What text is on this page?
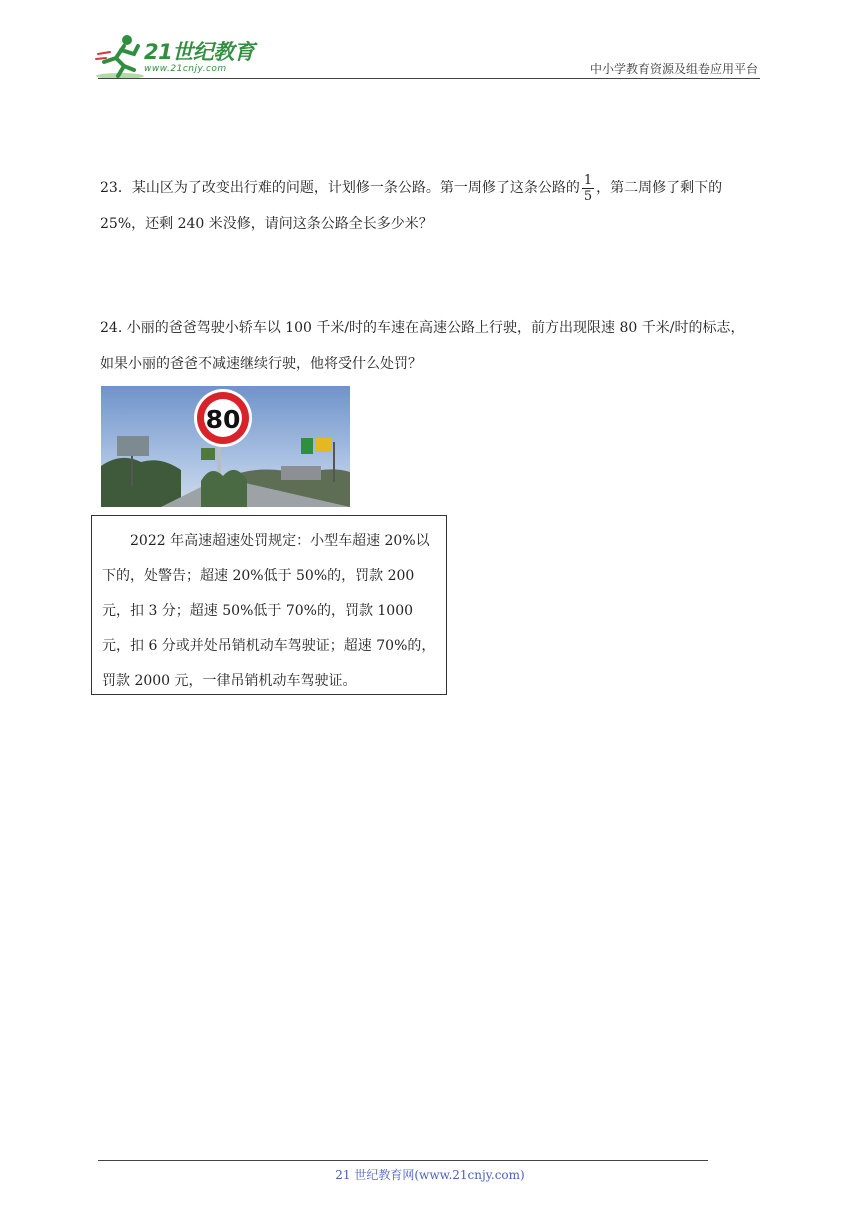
21世纪教育
www.21cnjy.com	中小学教育资源及组卷应用平台
23．某山区为了改变出行难的问题，计划修一条公路。第一周修了这条公路的 $\frac{1}{5}$ ，第二周修了剩下的
25%，还剩 240 米没修，请问这条公路全长多少米？
24. 小丽的爸爸驾驶小轿车以 100 千米/时的车速在高速公路上行驶，前方出现限速 80 千米/时的标志，
如果小丽的爸爸不减速继续行驶，他将受什么处罚？
80

2022 年高速超速处罚规定：小型车超速 20%以下的，处警告；超速 20%低于 50%的，罚款 200 元，扣 3 分；超速 50%低于 70%的，罚款 1000 元，扣 6 分或并处吊销机动车驾驶证；超速 70%的，罚款 2000 元，一律吊销机动车驾驶证。

21 世纪教育网(www.21cnjy.com)
